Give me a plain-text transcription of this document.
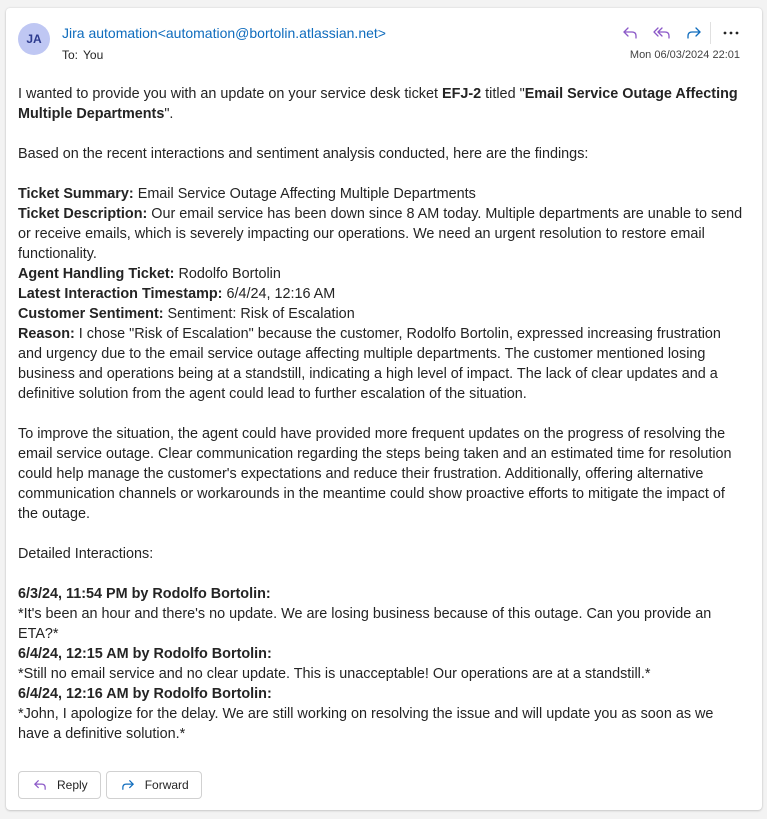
JA	Jira automation<automation@bortolin.atlassian.net>
To: You	Mon 06/03/2024 22:01

I wanted to provide you with an update on your service desk ticket EFJ-2 titled "Email Service Outage Affecting Multiple Departments".

Based on the recent interactions and sentiment analysis conducted, here are the findings:

Ticket Summary: Email Service Outage Affecting Multiple Departments

Ticket Description: Our email service has been down since 8 AM today. Multiple departments are unable to send or receive emails, which is severely impacting our operations. We need an urgent resolution to restore email functionality.

Agent Handling Ticket: Rodolfo Bortolin

Latest Interaction Timestamp: 6/4/24, 12:16 AM

Customer Sentiment: Sentiment: Risk of Escalation

Reason: I chose "Risk of Escalation" because the customer, Rodolfo Bortolin, expressed increasing frustration and urgency due to the email service outage affecting multiple departments. The customer mentioned losing business and operations being at a standstill, indicating a high level of impact. The lack of clear updates and a definitive solution from the agent could lead to further escalation of the situation.

To improve the situation, the agent could have provided more frequent updates on the progress of resolving the email service outage. Clear communication regarding the steps being taken and an estimated time for resolution could help manage the customer's expectations and reduce their frustration. Additionally, offering alternative communication channels or workarounds in the meantime could show proactive efforts to mitigate the impact of the outage.

Detailed Interactions:

6/3/24, 11:54 PM by Rodolfo Bortolin:

*It's been an hour and there's no update. We are losing business because of this outage. Can you provide an ETA?*

6/4/24, 12:15 AM by Rodolfo Bortolin:

*Still no email service and no clear update. This is unacceptable! Our operations are at a standstill.*

6/4/24, 12:16 AM by Rodolfo Bortolin:

*John, I apologize for the delay. We are still working on resolving the issue and will update you as soon as we have a definitive solution.*

Reply	Forward
